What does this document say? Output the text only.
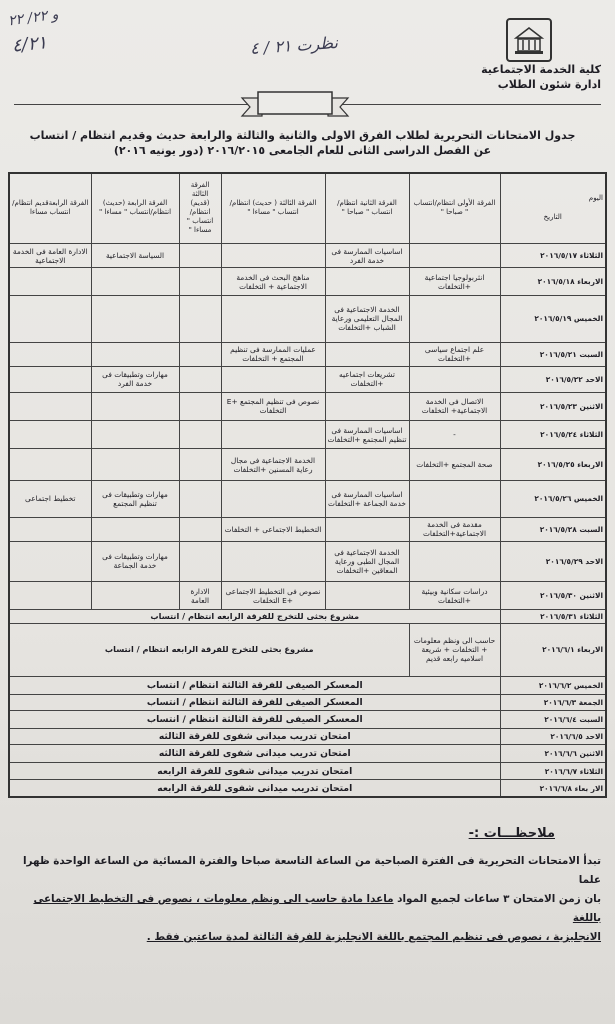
و ٢٢/ ٢٢
٤/٢١	نظرت ٢١ / ٤
كلية الخدمة الاجتماعية
ادارة شئون الطلاب
جدول الامتحانات التحريرية لطلاب الفرق الاولى والثانية والثالثة والرابعة حديث وقديم انتظام / انتساب
عن الفصل الدراسى الثانى للعام الجامعى ٢٠١٦/٢٠١٥ (دور يونيه ٢٠١٦)
اليوم
التاريخ	الفرقة الأولى انتظام/انتساب " صباحا "	الفرقة الثانية انتظام/انتساب " صباحا "	الفرقة الثالثة ( حديث) انتظام/انتساب " مساءا "	الفرقة الثالثة (قديم) انتظام/ انتساب " مساءا "	الفرقة الرابعة (حديث) انتظام/انتساب " مساءا "	الفرقة الرابعةقديم انتظام/انتساب مساءا
الثلاثاء ٢٠١٦/٥/١٧		اساسيات الممارسة فى خدمة الفرد			السياسة الاجتماعية	الادارة العامة فى الخدمة الاجتماعية
الاربعاء ٢٠١٦/٥/١٨	انثربولوجيا اجتماعية +التخلفات		مناهج البحث فى الخدمة الاجتماعية + التخلفات			
الخميس ٢٠١٦/٥/١٩		الخدمة الاجتماعية فى المجال التعليمى ورعاية الشباب +التخلفات				
السبت ٢٠١٦/٥/٢١	علم اجتماع سياسى +التخلفات		عمليات الممارسة فى تنظيم المجتمع + التخلفات			
الاحد ٢٠١٦/٥/٢٢		تشريعات اجتماعيه +التخلفات			مهارات وتطبيقات فى خدمة الفرد	
الاثنين ٢٠١٦/٥/٢٣	الاتصال فى الخدمة الاجتماعية+ التخلفات		نصوص فى تنظيم المجتمع +E التخلفات			
الثلاثاء ٢٠١٦/٥/٢٤	-	اساسيات الممارسة فى تنظيم المجتمع +التخلفات				
الاربعاء ٢٠١٦/٥/٢٥	صحة المجتمع +التخلفات		الخدمة الاجتماعية فى مجال رعاية المسنين +التخلفات			
الخميس ٢٠١٦/٥/٢٦		اساسيات الممارسة فى خدمة الجماعة +التخلفات			مهارات وتطبيقات فى تنظيم المجتمع	تخطيط اجتماعى
السبت ٢٠١٦/٥/٢٨	مقدمة فى الخدمة الاجتماعية+التخلفات		التخطيط الاجتماعى + التخلفات			
الاحد ٢٠١٦/٥/٢٩		الخدمة الاجتماعية فى المجال الطبى ورعاية المعاقين +التخلفات			مهارات وتطبيقات فى خدمة الجماعة	
الاثنين ٢٠١٦/٥/٣٠	دراسات سكانية وبيئية +التخلفات		نصوص فى التخطيط الاجتماعى +E التخلفات	الادارة العامة		
الثلاثاء ٢٠١٦/٥/٣١	مشروع بحثى للتخرج للفرقة الرابعه انتظام / انتساب					
الاربعاء ٢٠١٦/٦/١	حاسب الى ونظم معلومات + التخلفات + شريعة اسلاميه رابعه قديم	مشروع بحثى للتخرج للفرقة الرابعه انتظام / انتساب				
الخميس ٢٠١٦/٦/٢	المعسكر الصيفى للفرقة الثالثة انتظام / انتساب					
الجمعة ٢٠١٦/٦/٣	المعسكر الصيفى للفرقة الثالثة انتظام / انتساب					
السبت ٢٠١٦/٦/٤	المعسكر الصيفى للفرقة الثالثة انتظام / انتساب					
الاحد ٢٠١٦/٦/٥	امتحان تدريب ميدانى شفوى للفرقة الثالثه					
الاثنين ٢٠١٦/٦/٦	امتحان تدريب ميدانى شفوى للفرقة الثالثه					
الثلاثاء ٢٠١٦/٦/٧	امتحان تدريب ميدانى شفوى للفرقة الرابعه					
الار بعاء ٢٠١٦/٦/٨	امتحان تدريب ميدانى شفوى للفرقة الرابعه					
ملاحظـــات :-
تبدأ الامتحانات التحريرية فى الفترة الصباحية من الساعة التاسعة صباحا والفترة المسائية من الساعة الواحدة ظهرا علما
بان زمن الامتحان ٣ ساعات لجميع المواد ماعدا مادة حاسب الى ونظم معلومات ، نصوص فى التخطيط الاجتماعى باللغة
الانجليزية ، نصوص فى تنظيم المجتمع باللغة الانجليزية للفرقة الثالثة لمدة ساعتين فقط .
